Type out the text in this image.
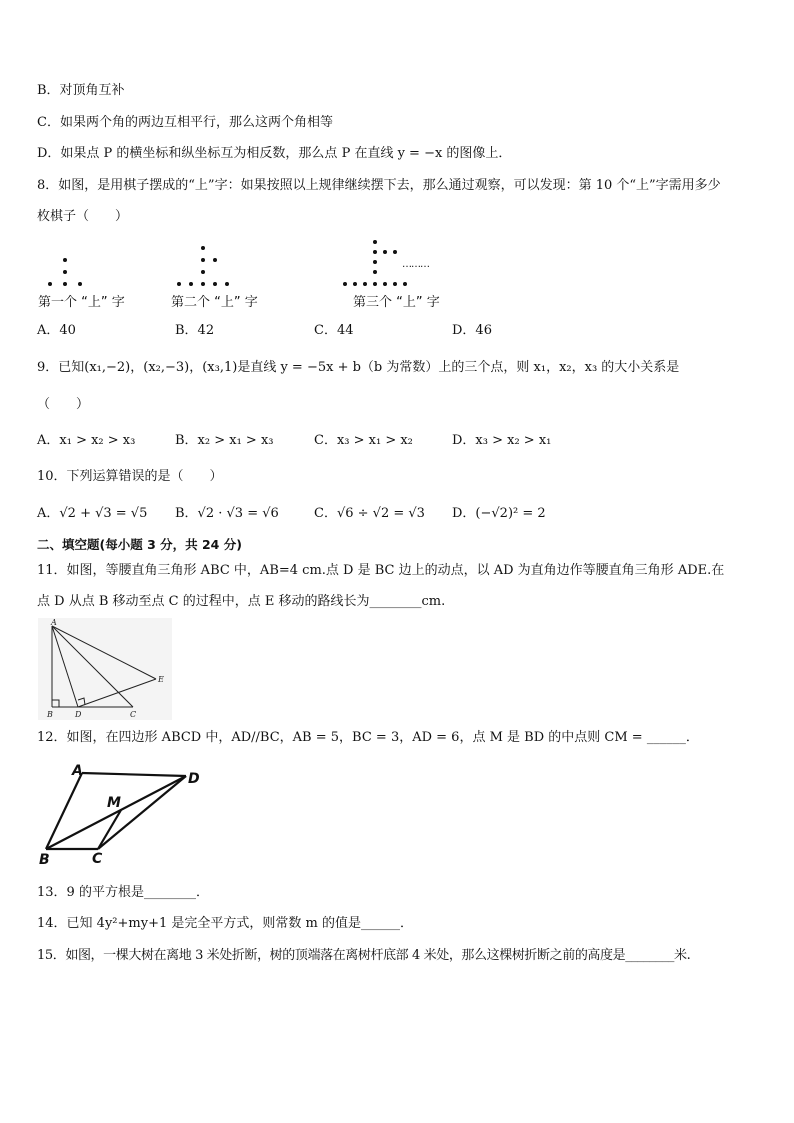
B．对顶角互补
C．如果两个角的两边互相平行，那么这两个角相等
D．如果点 P 的横坐标和纵坐标互为相反数，那么点 P 在直线 y = −x 的图像上．
8．如图，是用棋子摆成的“上”字：如果按照以上规律继续摆下去，那么通过观察，可以发现：第 10 个“上”字需用多少
枚棋子（　　）
………
第一个 “上” 字	第二个 “上” 字	第三个 “上” 字
A．40	B．42	C．44	D．46
9．已知(x₁,−2)，(x₂,−3)，(x₃,1)是直线 y = −5x + b（b 为常数）上的三个点，则 x₁，x₂，x₃ 的大小关系是
（　　）
A．x₁ > x₂ > x₃	B．x₂ > x₁ > x₃	C．x₃ > x₁ > x₂	D．x₃ > x₂ > x₁
10．下列运算错误的是（　　）
A．√2 + √3 = √5 B．√2 · √3 = √6	C．√6 ÷ √2 = √3 D．(−√2)² = 2
二、填空题(每小题 3 分，共 24 分)
11．如图，等腰直角三角形 ABC 中，AB=4 cm.点 D 是 BC 边上的动点，以 AD 为直角边作等腰直角三角形 ADE.在
点 D 从点 B 移动至点 C 的过程中，点 E 移动的路线长为________cm.
A
E
B	D	C
12．如图，在四边形 ABCD 中，AD//BC，AB = 5，BC = 3，AD = 6，点 M 是 BD 的中点则 CM = ______．
A	D
M
B	C
13．9 的平方根是________．
14．已知 4y²+my+1 是完全平方式，则常数 m 的值是______．
15．如图，一棵大树在离地 3 米处折断，树的顶端落在离树杆底部 4 米处，那么这棵树折断之前的高度是________米.
